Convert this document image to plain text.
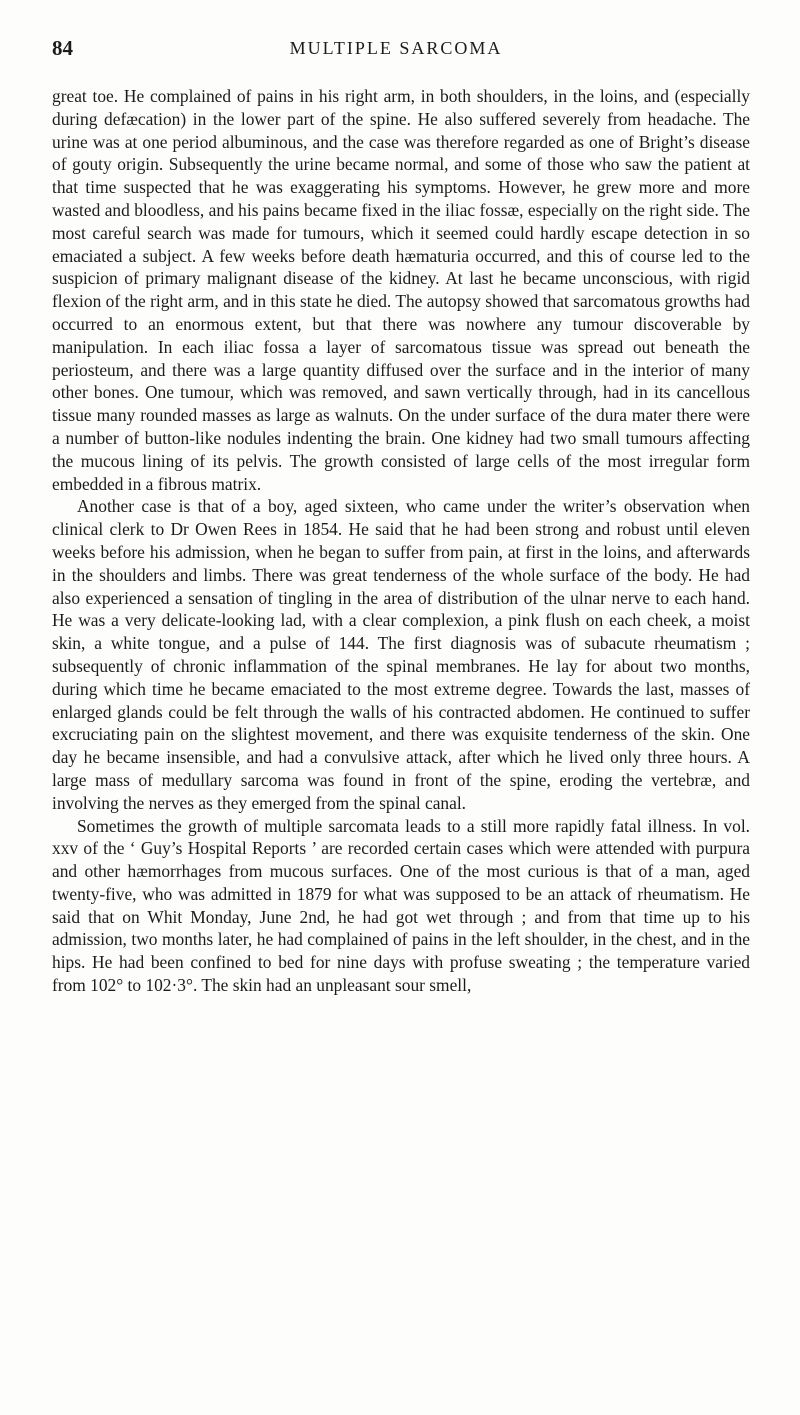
84	MULTIPLE SARCOMA

great toe. He complained of pains in his right arm, in both shoulders, in the loins, and (especially during defæcation) in the lower part of the spine. He also suffered severely from headache. The urine was at one period albuminous, and the case was therefore regarded as one of Bright’s disease of gouty origin. Subsequently the urine became normal, and some of those who saw the patient at that time suspected that he was exaggerating his symptoms. However, he grew more and more wasted and bloodless, and his pains became fixed in the iliac fossæ, especially on the right side. The most careful search was made for tumours, which it seemed could hardly escape detection in so emaciated a subject. A few weeks before death hæmaturia occurred, and this of course led to the suspicion of primary malignant disease of the kidney. At last he became unconscious, with rigid flexion of the right arm, and in this state he died. The autopsy showed that sarcomatous growths had occurred to an enormous extent, but that there was nowhere any tumour discoverable by manipulation. In each iliac fossa a layer of sarcomatous tissue was spread out beneath the periosteum, and there was a large quantity diffused over the surface and in the interior of many other bones. One tumour, which was removed, and sawn vertically through, had in its cancellous tissue many rounded masses as large as walnuts. On the under surface of the dura mater there were a number of button-like nodules indenting the brain. One kidney had two small tumours affecting the mucous lining of its pelvis. The growth consisted of large cells of the most irregular form embedded in a fibrous matrix.

Another case is that of a boy, aged sixteen, who came under the writer’s observation when clinical clerk to Dr Owen Rees in 1854. He said that he had been strong and robust until eleven weeks before his admission, when he began to suffer from pain, at first in the loins, and afterwards in the shoulders and limbs. There was great tenderness of the whole surface of the body. He had also experienced a sensation of tingling in the area of distribution of the ulnar nerve to each hand. He was a very delicate-looking lad, with a clear complexion, a pink flush on each cheek, a moist skin, a white tongue, and a pulse of 144. The first diagnosis was of subacute rheumatism ; subsequently of chronic inflammation of the spinal membranes. He lay for about two months, during which time he became emaciated to the most extreme degree. Towards the last, masses of enlarged glands could be felt through the walls of his contracted abdomen. He continued to suffer excruciating pain on the slightest movement, and there was exquisite tenderness of the skin. One day he became insensible, and had a convulsive attack, after which he lived only three hours. A large mass of medullary sarcoma was found in front of the spine, eroding the vertebræ, and involving the nerves as they emerged from the spinal canal.

Sometimes the growth of multiple sarcomata leads to a still more rapidly fatal illness. In vol. xxv of the ‘ Guy’s Hospital Reports ’ are recorded certain cases which were attended with purpura and other hæmorrhages from mucous surfaces. One of the most curious is that of a man, aged twenty-five, who was admitted in 1879 for what was supposed to be an attack of rheumatism. He said that on Whit Monday, June 2nd, he had got wet through ; and from that time up to his admission, two months later, he had complained of pains in the left shoulder, in the chest, and in the hips. He had been confined to bed for nine days with profuse sweating ; the temperature varied from 102° to 102·3°. The skin had an unpleasant sour smell,
